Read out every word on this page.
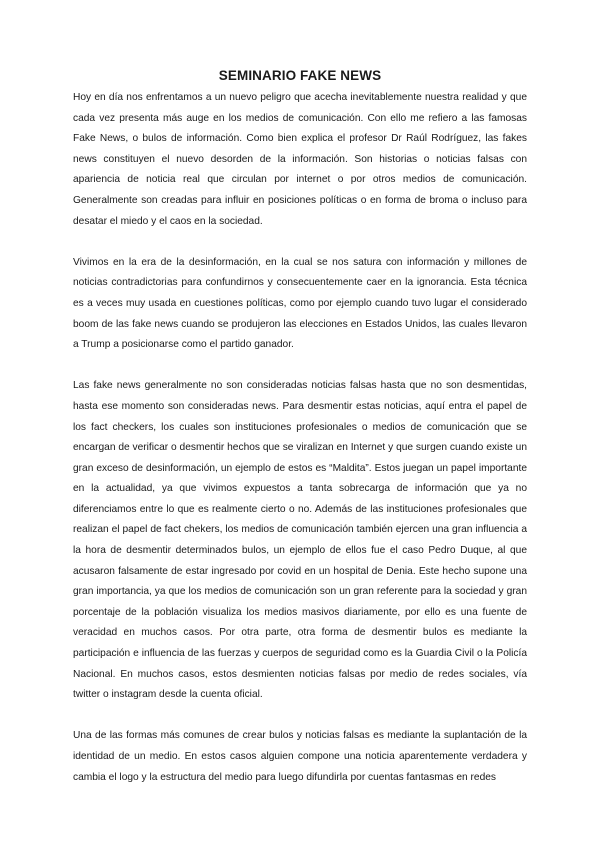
SEMINARIO FAKE NEWS

Hoy en día nos enfrentamos a un nuevo peligro que acecha inevitablemente nuestra realidad y que cada vez presenta más auge en los medios de comunicación. Con ello me refiero a las famosas Fake News, o bulos de información. Como bien explica el profesor Dr Raúl Rodríguez, las fakes news constituyen el nuevo desorden de la información. Son historias o noticias falsas con apariencia de noticia real que circulan por internet o por otros medios de comunicación. Generalmente son creadas para influir en posiciones políticas o en forma de broma o incluso para desatar el miedo y el caos en la sociedad.

Vivimos en la era de la desinformación, en la cual se nos satura con información y millones de noticias contradictorias para confundirnos y consecuentemente caer en la ignorancia. Esta técnica es a veces muy usada en cuestiones políticas, como por ejemplo cuando tuvo lugar el considerado boom de las fake news cuando se produjeron las elecciones en Estados Unidos, las cuales llevaron a Trump a posicionarse como el partido ganador.

Las fake news generalmente no son consideradas noticias falsas hasta que no son desmentidas, hasta ese momento son consideradas news. Para desmentir estas noticias, aquí entra el papel de los fact checkers, los cuales son instituciones profesionales o medios de comunicación que se encargan de verificar o desmentir hechos que se viralizan en Internet y que surgen cuando existe un gran exceso de desinformación, un ejemplo de estos es “Maldita”. Estos juegan un papel importante en la actualidad, ya que vivimos expuestos a tanta sobrecarga de información que ya no diferenciamos entre lo que es realmente cierto o no. Además de las instituciones profesionales que realizan el papel de fact chekers, los medios de comunicación también ejercen una gran influencia a la hora de desmentir determinados bulos, un ejemplo de ellos fue el caso Pedro Duque, al que acusaron falsamente de estar ingresado por covid en un hospital de Denia. Este hecho supone una gran importancia, ya que los medios de comunicación son un gran referente para la sociedad y gran porcentaje de la población visualiza los medios masivos diariamente, por ello es una fuente de veracidad en muchos casos. Por otra parte, otra forma de desmentir bulos es mediante la participación e influencia de las fuerzas y cuerpos de seguridad como es la Guardia Civil o la Policía Nacional. En muchos casos, estos desmienten noticias falsas por medio de redes sociales, vía twitter o instagram desde la cuenta oficial.

Una de las formas más comunes de crear bulos y noticias falsas es mediante la suplantación de la identidad de un medio. En estos casos alguien compone una noticia aparentemente verdadera y cambia el logo y la estructura del medio para luego difundirla por cuentas fantasmas en redes
